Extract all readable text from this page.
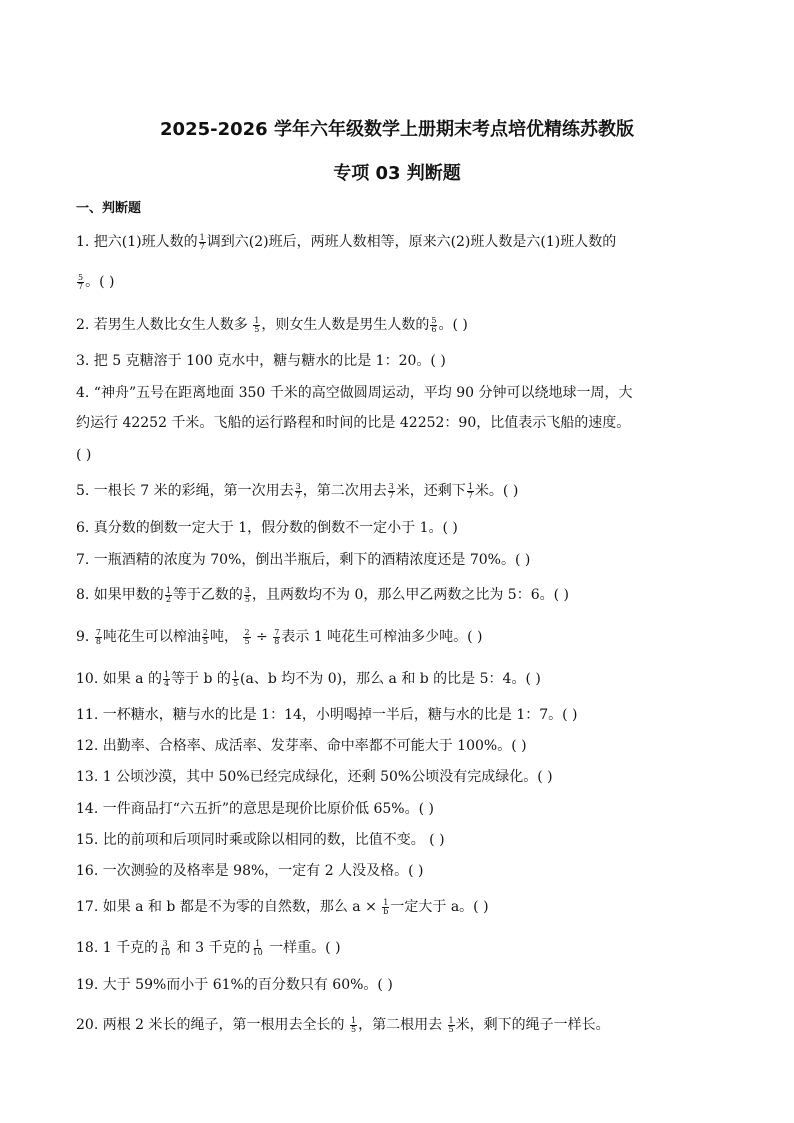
2025-2026 学年六年级数学上册期末考点培优精练苏教版
专项 03 判断题
一、判断题
1. 把六(1)班人数的 $\frac{1}{7}$ 调到六(2)班后，两班人数相等，原来六(2)班人数是六(1)班人数的
$\frac{5}{7}$ 。( )
2. 若男生人数比女生人数多 $\frac{1}{5}$ ，则女生人数是男生人数的 $\frac{5}{6}$ 。( )
3. 把 5 克糖溶于 100 克水中，糖与糖水的比是 1：20。( )
4. “神舟”五号在距离地面 350 千米的高空做圆周运动，平均 90 分钟可以绕地球一周，大
约运行 42252 千米。飞船的运行路程和时间的比是 42252：90，比值表示飞船的速度。
( )
5. 一根长 7 米的彩绳，第一次用去 $\frac{3}{7}$ ，第二次用去 $\frac{3}{7}$ 米，还剩下 $\frac{1}{7}$ 米。( )
6. 真分数的倒数一定大于 1，假分数的倒数不一定小于 1。( )
7. 一瓶酒精的浓度为 70%，倒出半瓶后，剩下的酒精浓度还是 70%。( )
8. 如果甲数的 $\frac{1}{2}$ 等于乙数的 $\frac{3}{5}$ ，且两数均不为 0，那么甲乙两数之比为 5：6。( )
9. $\frac{7}{8}$ 吨花生可以榨油 $\frac{2}{5}$ 吨， $\frac{2}{5} \div \frac{7}{8}$ 表示 1 吨花生可榨油多少吨。( )
10. 如果 a 的 $\frac{1}{4}$ 等于 b 的 $\frac{1}{5} (a$、b 均不为 0)，那么 a 和 b 的比是 5：4。( )
11. 一杯糖水，糖与水的比是 1：14，小明喝掉一半后，糖与水的比是 1：7。( )
12. 出勤率、合格率、成活率、发芽率、命中率都不可能大于 100%。( )
13. 1 公顷沙漠，其中 50%已经完成绿化，还剩 50%公顷没有完成绿化。( )
14. 一件商品打“六五折”的意思是现价比原价低 65%。( )
15. 比的前项和后项同时乘或除以相同的数，比值不变。 ( )
16. 一次测验的及格率是 98%，一定有 2 人没及格。( )
17. 如果 a 和 b 都是不为零的自然数，那么 $a \times \frac{1}{b}$ 一定大于 a。( )
18. 1 千克的 $\frac{3}{10}$ 和 3 千克的 $\frac{1}{10}$ 一样重。( )
19. 大于 59%而小于 61%的百分数只有 60%。( )
20. 两根 2 米长的绳子，第一根用去全长的 $\frac{1}{5}$ ，第二根用去 $\frac{1}{5}$ 米，剩下的绳子一样长。
